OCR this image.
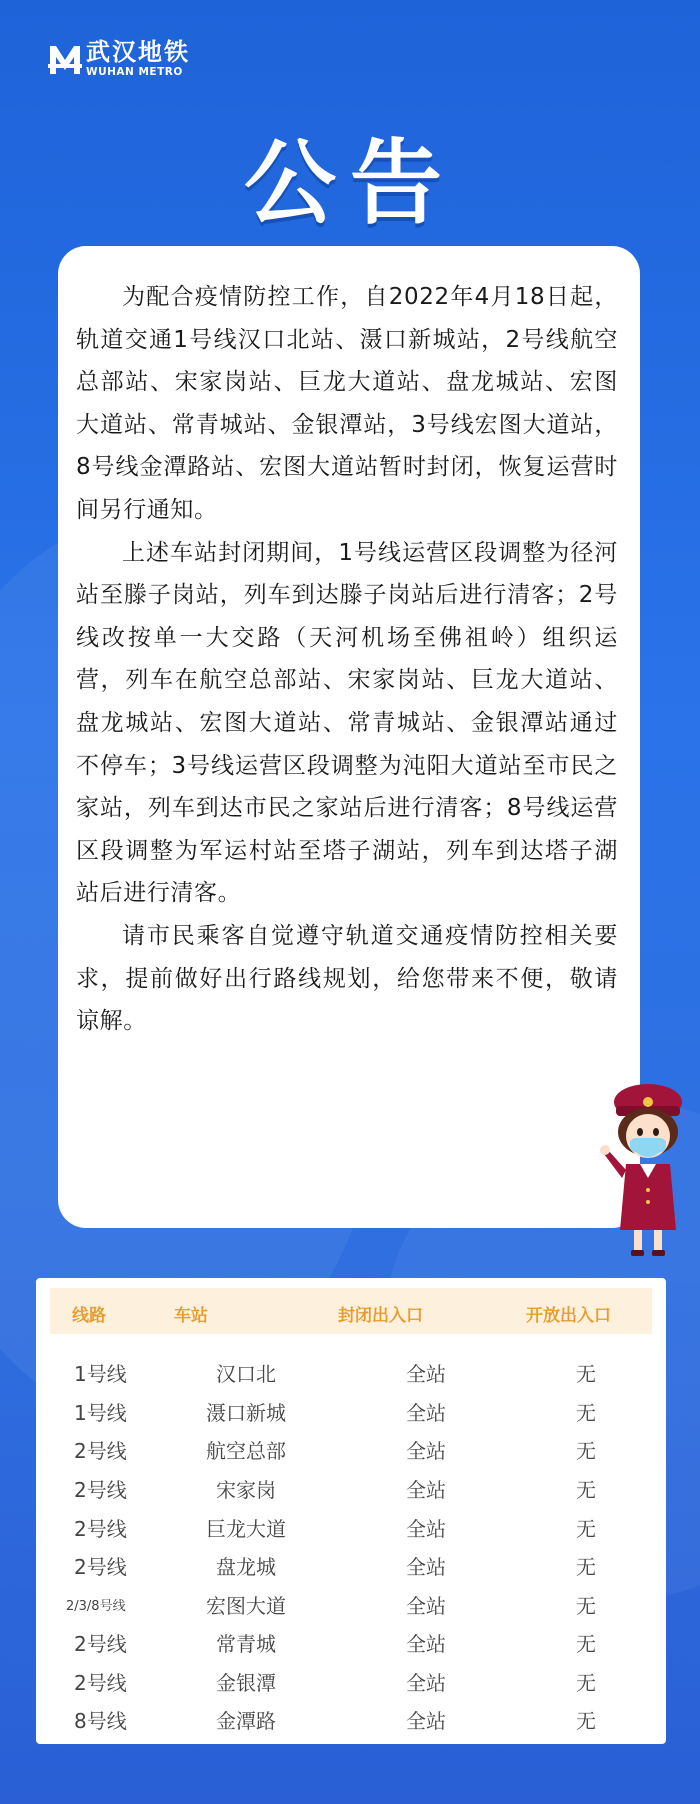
武汉地铁
WUHAN METRO
公告

为配合疫情防控工作，自2022年4月18日起，轨道交通1号线汉口北站、滠口新城站，2号线航空总部站、宋家岗站、巨龙大道站、盘龙城站、宏图大道站、常青城站、金银潭站，3号线宏图大道站，8号线金潭路站、宏图大道站暂时封闭，恢复运营时间另行通知。

上述车站封闭期间，1号线运营区段调整为径河站至滕子岗站，列车到达滕子岗站后进行清客；2号线改按单一大交路（天河机场至佛祖岭）组织运营，列车在航空总部站、宋家岗站、巨龙大道站、盘龙城站、宏图大道站、常青城站、金银潭站通过不停车；3号线运营区段调整为沌阳大道站至市民之家站，列车到达市民之家站后进行清客；8号线运营区段调整为军运村站至塔子湖站，列车到达塔子湖站后进行清客。

请市民乘客自觉遵守轨道交通疫情防控相关要求，提前做好出行路线规划，给您带来不便，敬请谅解。

线路	车站	封闭出入口	开放出入口
1号线	汉口北	全站	无
1号线	滠口新城	全站	无
2号线	航空总部	全站	无
2号线	宋家岗	全站	无
2号线	巨龙大道	全站	无
2号线	盘龙城	全站	无
2/3/8号线	宏图大道	全站	无
2号线	常青城	全站	无
2号线	金银潭	全站	无
8号线	金潭路	全站	无
